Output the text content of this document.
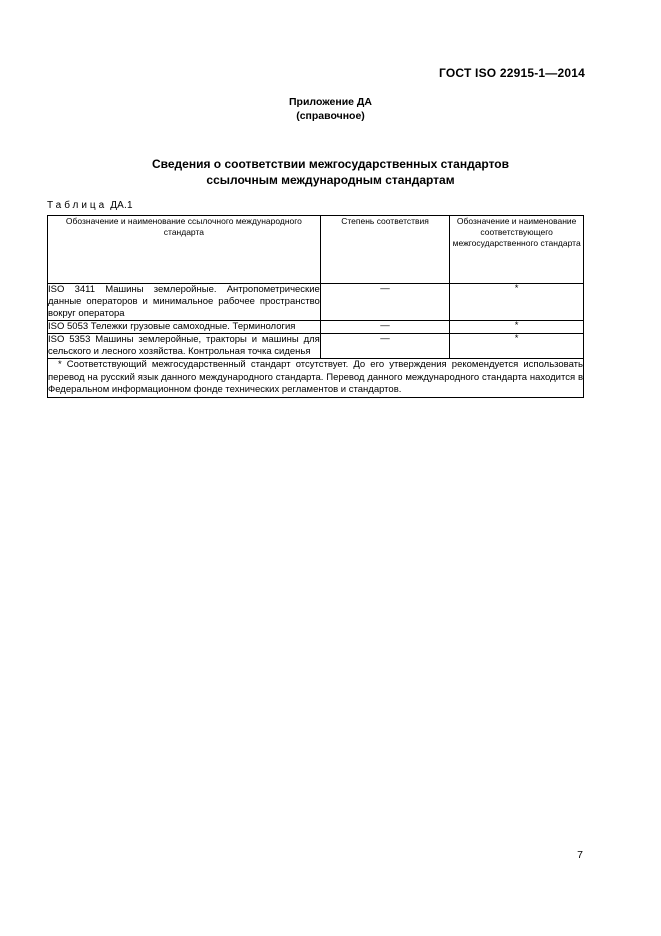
ГОСТ ISO 22915-1—2014
Приложение ДА
(справочное)
Сведения о соответствии межгосударственных стандартов
ссылочным международным стандартам
Таблица ДА.1
Обозначение и наименование ссылочного международного стандарта	Степень соответствия	Обозначение и наименование соответствующего межгосударственного стандарта
ISO 3411 Машины землеройные. Антропометрические данные операторов и минимальное рабочее пространство вокруг оператора	—	*
ISO 5053 Тележки грузовые самоходные. Терминология	—	*
ISO 5353 Машины землеройные, тракторы и машины для сельского и лесного хозяйства. Контрольная точка сиденья	—	*

* Соответствующий межгосударственный стандарт отсутствует. До его утверждения рекомендуется использовать перевод на русский язык данного международного стандарта. Перевод данного международного стандарта находится в Федеральном информационном фонде технических регламентов и стандартов.		
7
